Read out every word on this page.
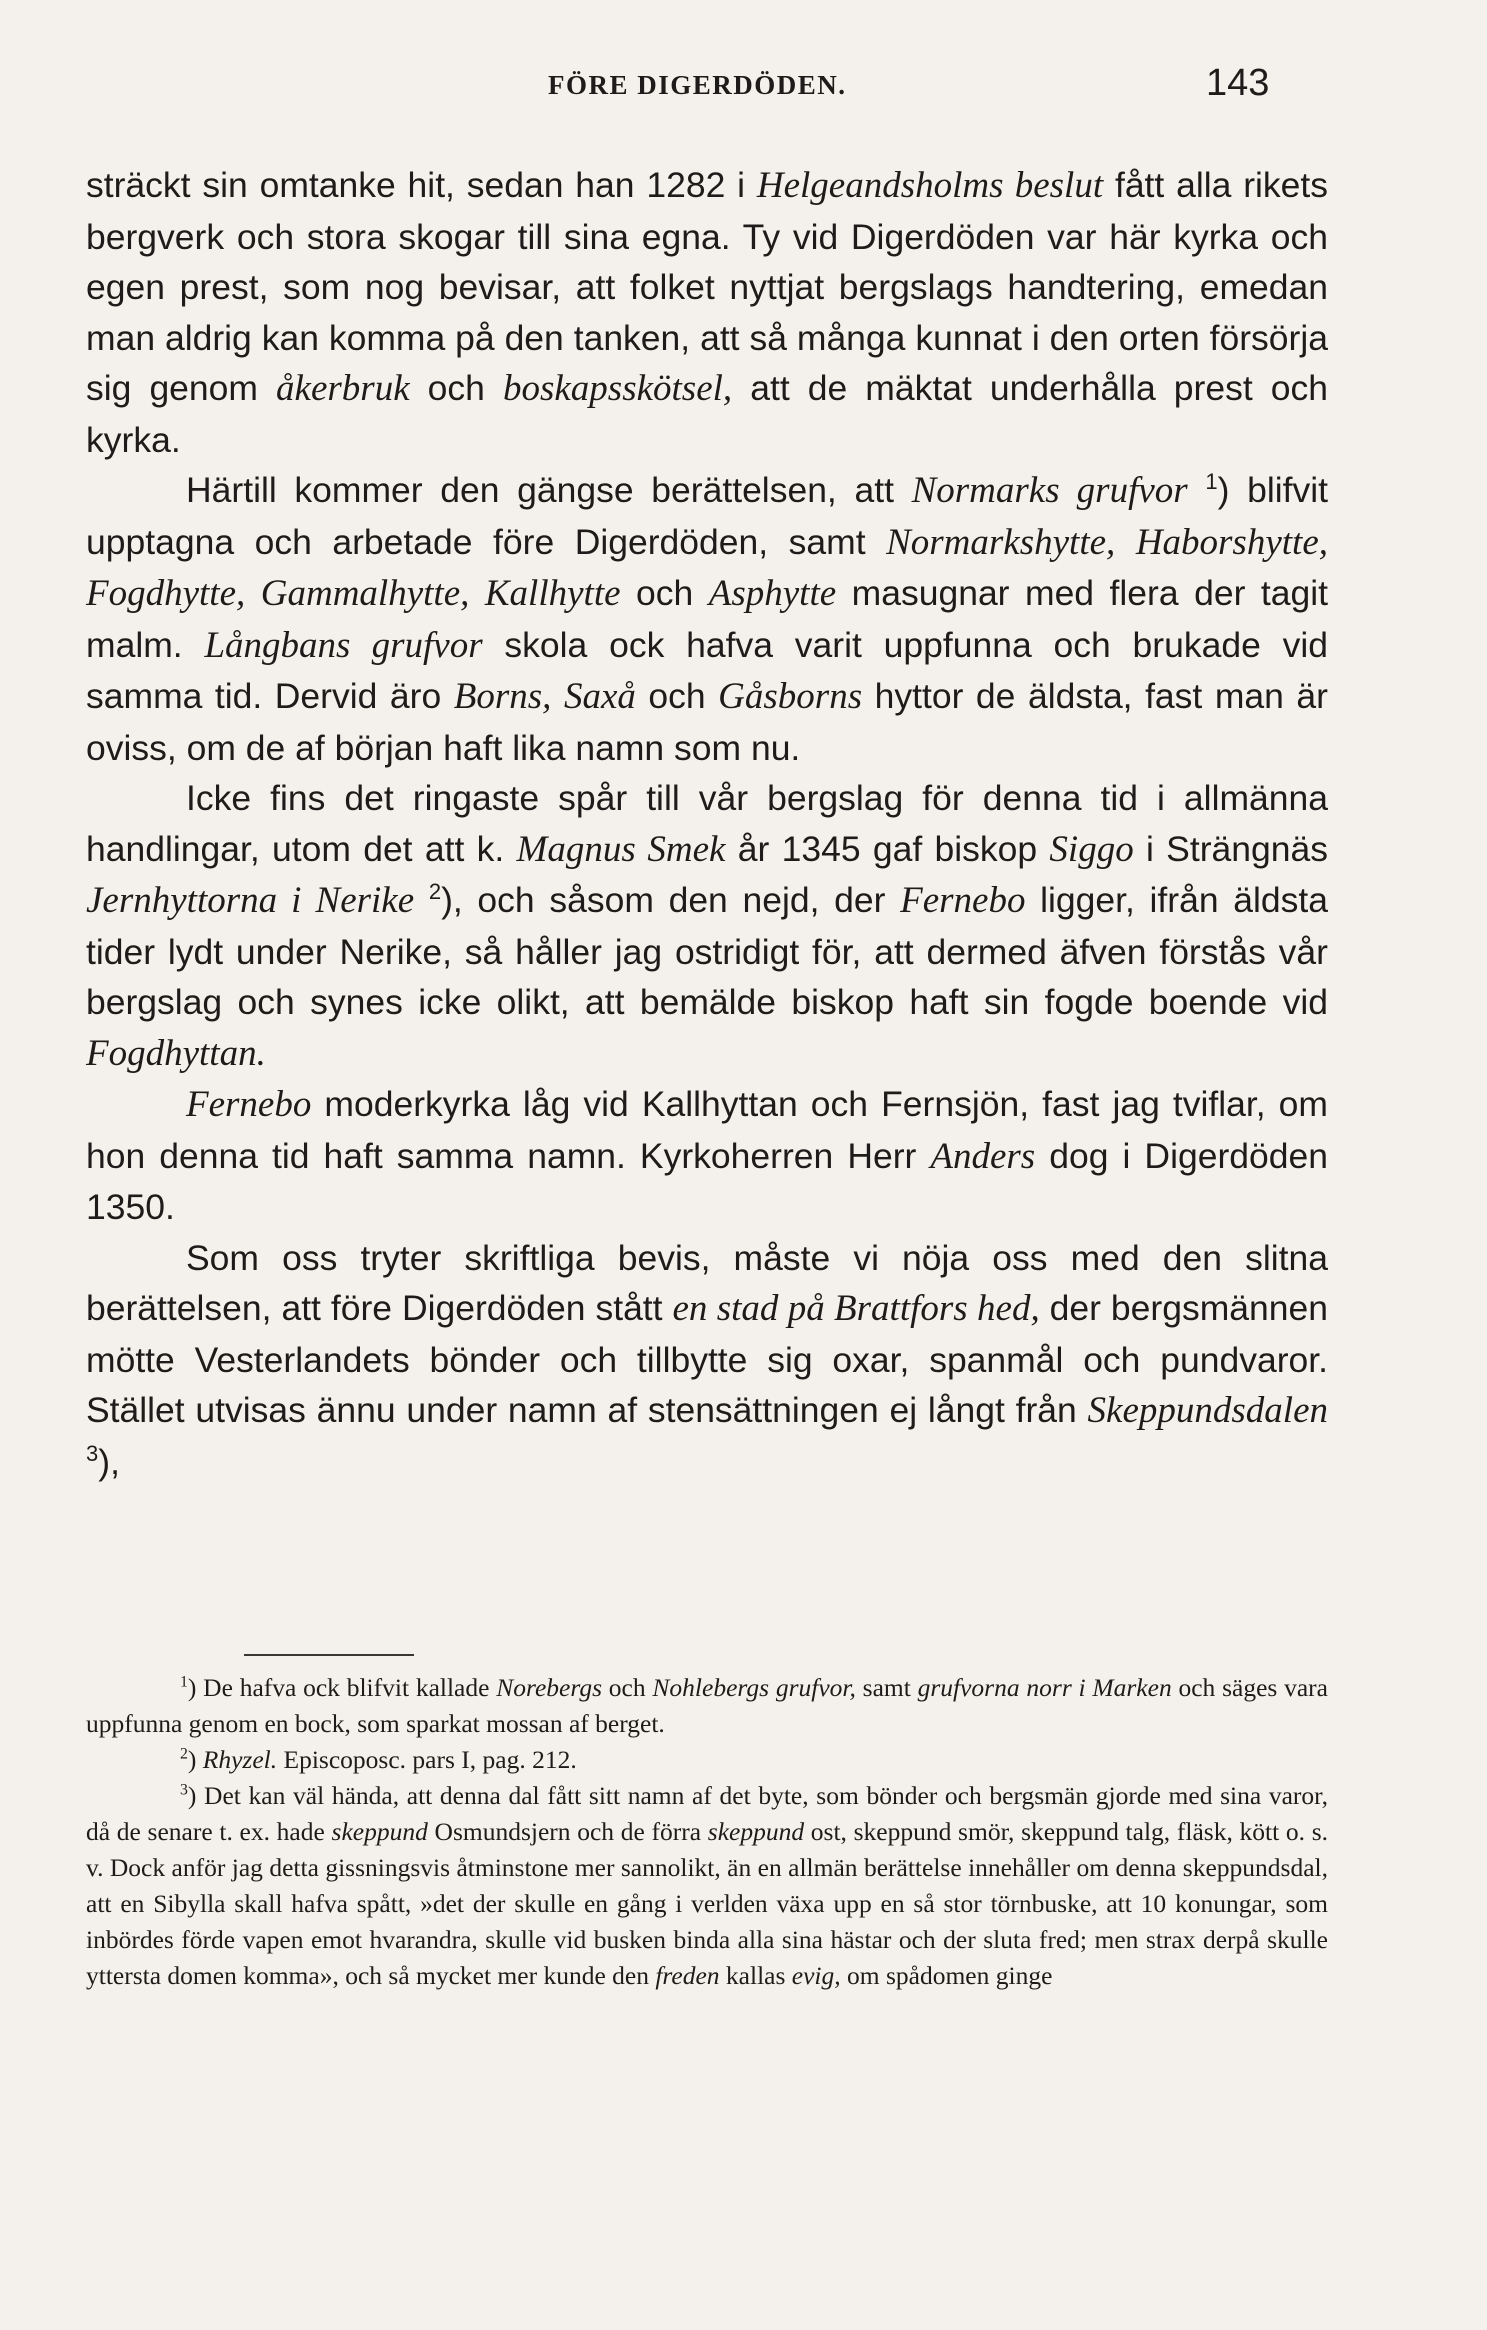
FÖRE DIGERDÖDEN.	143

sträckt sin omtanke hit, sedan han 1282 i Helgeandsholms beslut fått alla rikets bergverk och stora skogar till sina egna. Ty vid Digerdöden var här kyrka och egen prest, som nog bevisar, att folket nyttjat bergslags handtering, emedan man aldrig kan komma på den tanken, att så många kunnat i den orten försörja sig genom åkerbruk och boskapsskötsel, att de mäktat underhålla prest och kyrka.

Härtill kommer den gängse berättelsen, att Normarks grufvor $^1$) blifvit upptagna och arbetade före Digerdöden, samt Normarkshytte, Haborshytte, Fogdhytte, Gammalhytte, Kallhytte och Asphytte masugnar med flera der tagit malm. Långbans grufvor skola ock hafva varit uppfunna och brukade vid samma tid. Dervid äro Borns, Saxå och Gåsborns hyttor de äldsta, fast man är oviss, om de af början haft lika namn som nu.

Icke fins det ringaste spår till vår bergslag för denna tid i allmänna handlingar, utom det att k. Magnus Smek år 1345 gaf biskop Siggo i Strängnäs Jernhyttorna i Nerike $^2$), och såsom den nejd, der Fernebo ligger, ifrån äldsta tider lydt under Nerike, så håller jag ostridigt för, att dermed äfven förstås vår bergslag och synes icke olikt, att bemälde biskop haft sin fogde boende vid Fogdhyttan.

Fernebo moderkyrka låg vid Kallhyttan och Fernsjön, fast jag tviflar, om hon denna tid haft samma namn. Kyrkoherren Herr Anders dog i Digerdöden 1350.

Som oss tryter skriftliga bevis, måste vi nöja oss med den slitna berättelsen, att före Digerdöden stått en stad på Brattfors hed, der bergsmännen mötte Vesterlandets bönder och tillbytte sig oxar, spanmål och pundvaror. Stället utvisas ännu under namn af stensättningen ej långt från Skeppundsdalen $^3$),

$^1$) De hafva ock blifvit kallade Norebergs och Nohlebergs grufvor, samt grufvorna norr i Marken och säges vara uppfunna genom en bock, som sparkat mossan af berget.

$^2$) Rhyzel. Episcoposc. pars I, pag. 212.

$^3$) Det kan väl hända, att denna dal fått sitt namn af det byte, som bönder och bergsmän gjorde med sina varor, då de senare t. ex. hade skeppund Osmundsjern och de förra skeppund ost, skeppund smör, skeppund talg, fläsk, kött o. s. v. Dock anför jag detta gissningsvis åtminstone mer sannolikt, än en allmän berättelse innehåller om denna skeppundsdal, att en Sibylla skall hafva spått, »det der skulle en gång i verlden växa upp en så stor törnbuske, att 10 konungar, som inbördes förde vapen emot hvarandra, skulle vid busken binda alla sina hästar och der sluta fred; men strax derpå skulle yttersta domen komma», och så mycket mer kunde den freden kallas evig, om spådomen ginge
